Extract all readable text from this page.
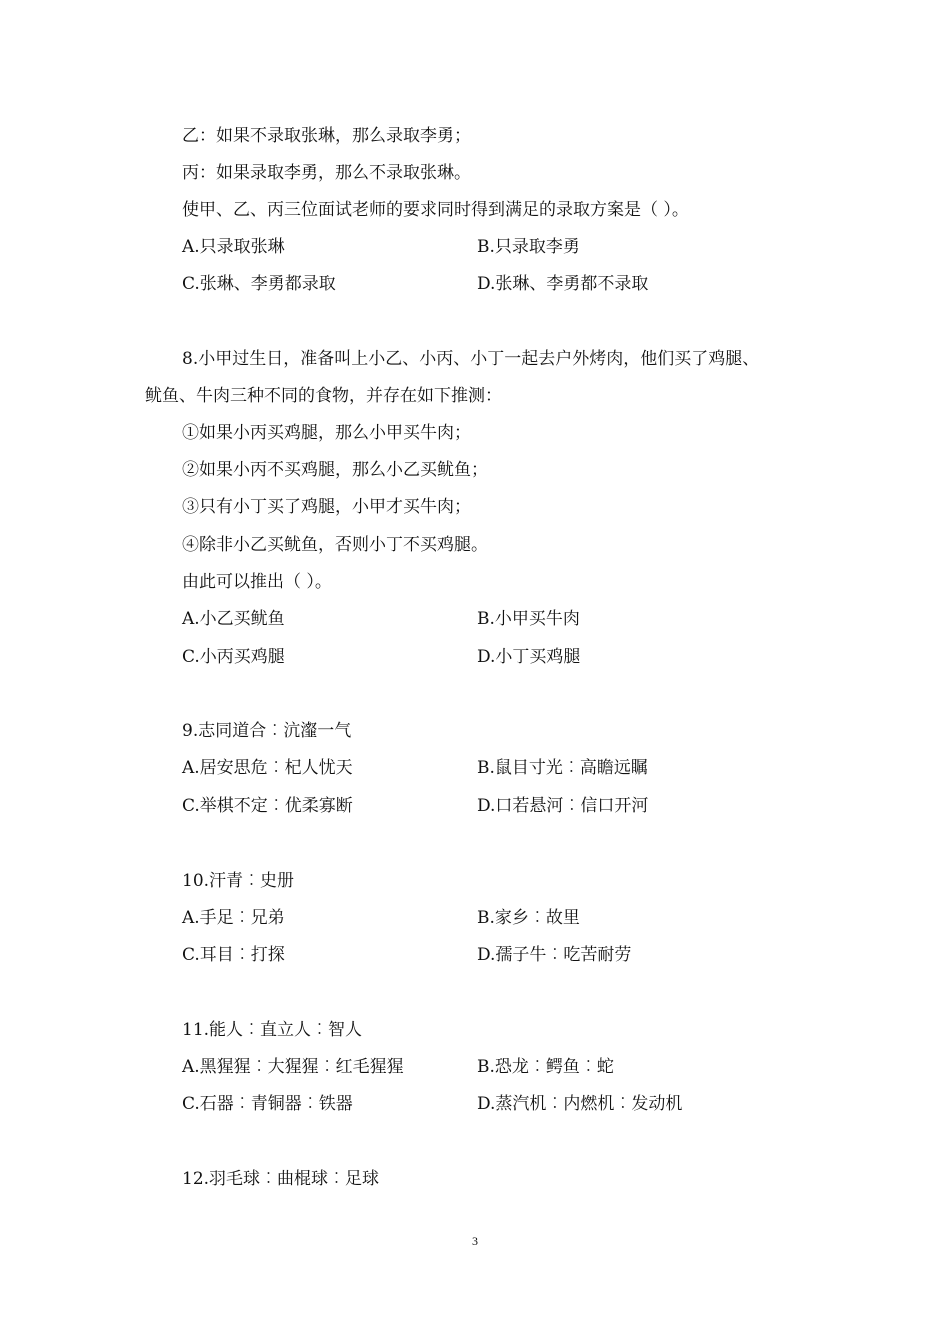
乙：如果不录取张琳，那么录取李勇；
丙：如果录取李勇，那么不录取张琳。
使甲、乙、丙三位面试老师的要求同时得到满足的录取方案是（ ）。
A.只录取张琳	B.只录取李勇
C.张琳、李勇都录取	D.张琳、李勇都不录取
8.小甲过生日，准备叫上小乙、小丙、小丁一起去户外烤肉，他们买了鸡腿、
鱿鱼、牛肉三种不同的食物，并存在如下推测：
①如果小丙买鸡腿，那么小甲买牛肉；
②如果小丙不买鸡腿，那么小乙买鱿鱼；
③只有小丁买了鸡腿，小甲才买牛肉；
④除非小乙买鱿鱼，否则小丁不买鸡腿。
由此可以推出（ ）。
A.小乙买鱿鱼	B.小甲买牛肉
C.小丙买鸡腿	D.小丁买鸡腿
9.志同道合︰沆瀣一气
A.居安思危︰杞人忧天	B.鼠目寸光︰高瞻远瞩
C.举棋不定︰优柔寡断	D.口若悬河︰信口开河
10.汗青︰史册
A.手足︰兄弟	B.家乡︰故里
C.耳目︰打探	D.孺子牛︰吃苦耐劳
11.能人︰直立人︰智人
A.黑猩猩︰大猩猩︰红毛猩猩	B.恐龙︰鳄鱼︰蛇
C.石器︰青铜器︰铁器	D.蒸汽机︰内燃机︰发动机
12.羽毛球︰曲棍球︰足球
3
